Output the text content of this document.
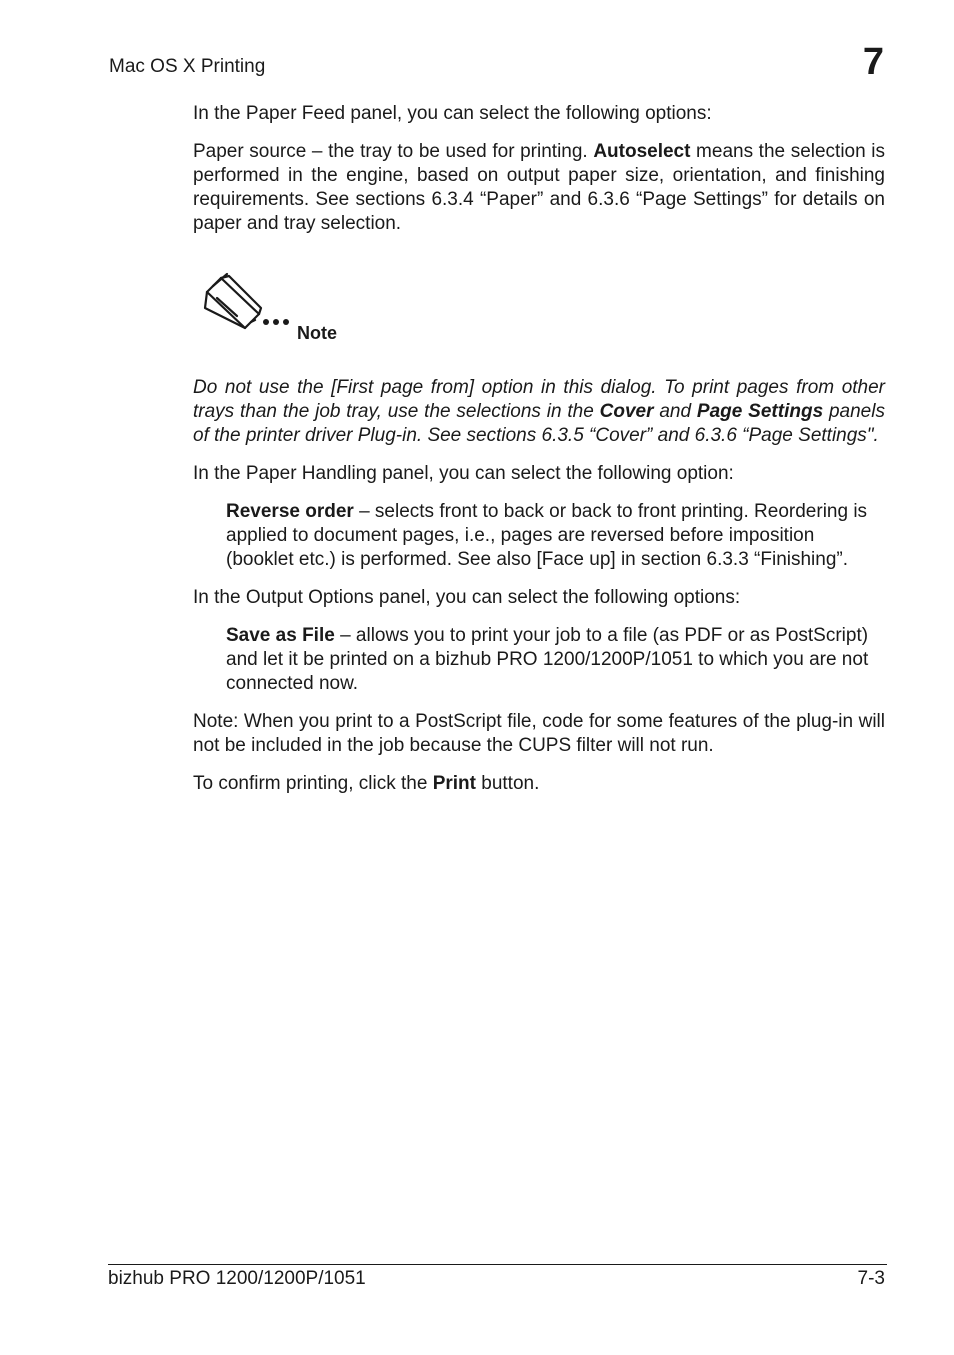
Mac OS X Printing	7

In the Paper Feed panel, you can select the following options:

Paper source – the tray to be used for printing. Autoselect means the selection is performed in the engine, based on output paper size, orientation, and finishing requirements. See sections 6.3.4 “Paper” and 6.3.6 “Page Settings” for details on paper and tray selection.

Note

Do not use the [First page from] option in this dialog. To print pages from other trays than the job tray, use the selections in the Cover and Page Settings panels of the printer driver Plug-in. See sections 6.3.5 “Cover” and 6.3.6 “Page Settings".

In the Paper Handling panel, you can select the following option:

Reverse order – selects front to back or back to front printing. Reordering is applied to document pages, i.e., pages are reversed before imposition (booklet etc.) is performed. See also [Face up] in section 6.3.3 “Finishing”.

In the Output Options panel, you can select the following options:

Save as File – allows you to print your job to a file (as PDF or as PostScript) and let it be printed on a bizhub PRO 1200/1200P/1051 to which you are not connected now.

Note: When you print to a PostScript file, code for some features of the plug-in will not be included in the job because the CUPS filter will not run.

To confirm printing, click the Print button.

bizhub PRO 1200/1200P/1051	7-3
